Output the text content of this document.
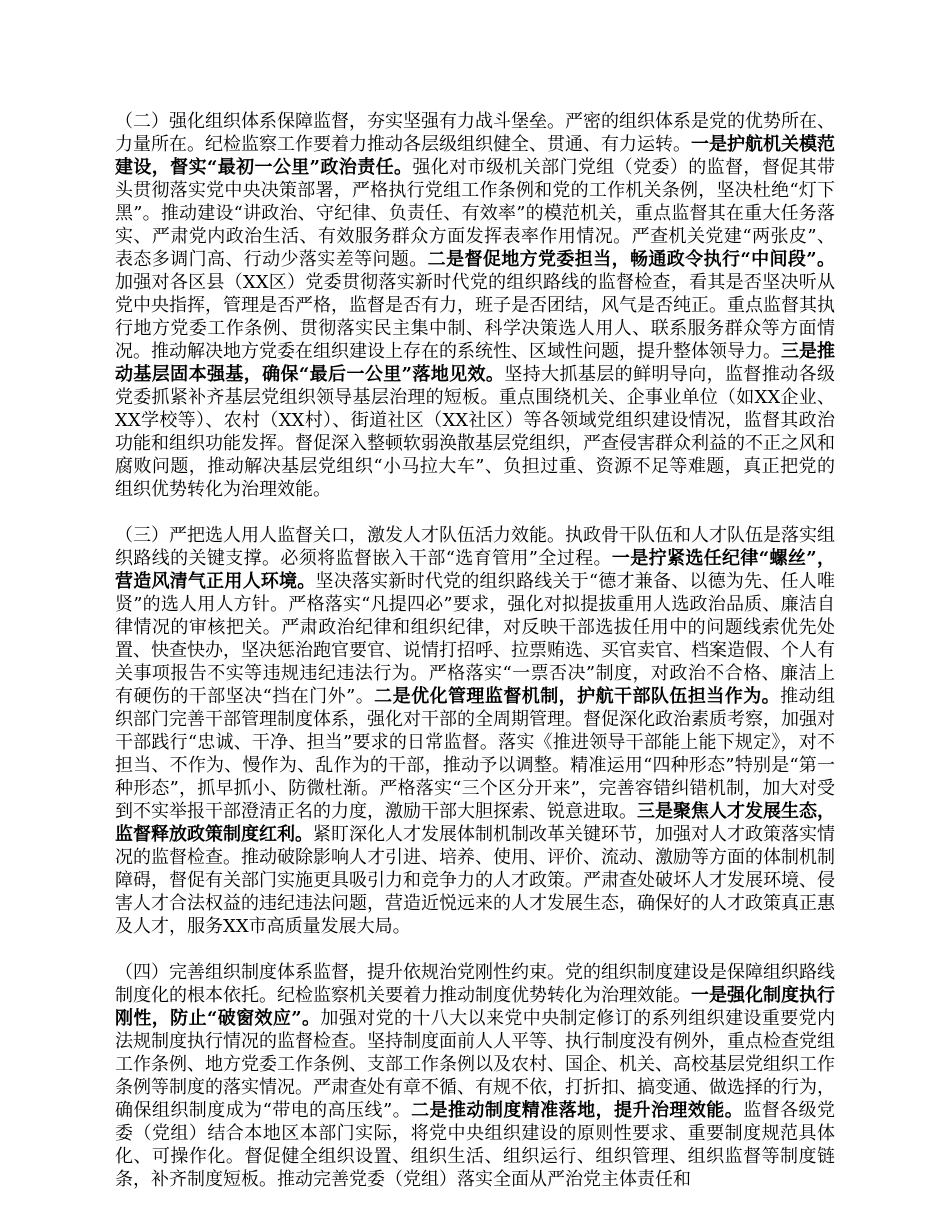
（二）强化组织体系保障监督，夯实坚强有力战斗堡垒。严密的组织体系是党的优势所在、力量所在。纪检监察工作要着力推动各层级组织健全、贯通、有力运转。一是护航机关模范建设，督实“最初一公里”政治责任。强化对市级机关部门党组（党委）的监督，督促其带头贯彻落实党中央决策部署，严格执行党组工作条例和党的工作机关条例，坚决杜绝“灯下黑”。推动建设“讲政治、守纪律、负责任、有效率”的模范机关，重点监督其在重大任务落实、严肃党内政治生活、有效服务群众方面发挥表率作用情况。严查机关党建“两张皮”、表态多调门高、行动少落实差等问题。二是督促地方党委担当，畅通政令执行“中间段”。加强对各区县（XX区）党委贯彻落实新时代党的组织路线的监督检查，看其是否坚决听从党中央指挥，管理是否严格，监督是否有力，班子是否团结，风气是否纯正。重点监督其执行地方党委工作条例、贯彻落实民主集中制、科学决策选人用人、联系服务群众等方面情况。推动解决地方党委在组织建设上存在的系统性、区域性问题，提升整体领导力。三是推动基层固本强基，确保“最后一公里”落地见效。坚持大抓基层的鲜明导向，监督推动各级党委抓紧补齐基层党组织领导基层治理的短板。重点围绕机关、企事业单位（如XX企业、XX学校等）、农村（XX村）、街道社区（XX社区）等各领域党组织建设情况，监督其政治功能和组织功能发挥。督促深入整顿软弱涣散基层党组织，严查侵害群众利益的不正之风和腐败问题，推动解决基层党组织“小马拉大车”、负担过重、资源不足等难题，真正把党的组织优势转化为治理效能。

（三）严把选人用人监督关口，激发人才队伍活力效能。执政骨干队伍和人才队伍是落实组织路线的关键支撑。必须将监督嵌入干部“选育管用”全过程。一是拧紧选任纪律“螺丝”，营造风清气正用人环境。坚决落实新时代党的组织路线关于“德才兼备、以德为先、任人唯贤”的选人用人方针。严格落实“凡提四必”要求，强化对拟提拔重用人选政治品质、廉洁自律情况的审核把关。严肃政治纪律和组织纪律，对反映干部选拔任用中的问题线索优先处置、快查快办，坚决惩治跑官要官、说情打招呼、拉票贿选、买官卖官、档案造假、个人有关事项报告不实等违规违纪违法行为。严格落实“一票否决”制度，对政治不合格、廉洁上有硬伤的干部坚决“挡在门外”。二是优化管理监督机制，护航干部队伍担当作为。推动组织部门完善干部管理制度体系，强化对干部的全周期管理。督促深化政治素质考察，加强对干部践行“忠诚、干净、担当”要求的日常监督。落实《推进领导干部能上能下规定》，对不担当、不作为、慢作为、乱作为的干部，推动予以调整。精准运用“四种形态”特别是“第一种形态”，抓早抓小、防微杜渐。严格落实“三个区分开来”，完善容错纠错机制，加大对受到不实举报干部澄清正名的力度，激励干部大胆探索、锐意进取。三是聚焦人才发展生态，监督释放政策制度红利。紧盯深化人才发展体制机制改革关键环节，加强对人才政策落实情况的监督检查。推动破除影响人才引进、培养、使用、评价、流动、激励等方面的体制机制障碍，督促有关部门实施更具吸引力和竞争力的人才政策。严肃查处破坏人才发展环境、侵害人才合法权益的违纪违法问题，营造近悦远来的人才发展生态，确保好的人才政策真正惠及人才，服务XX市高质量发展大局。

（四）完善组织制度体系监督，提升依规治党刚性约束。党的组织制度建设是保障组织路线制度化的根本依托。纪检监察机关要着力推动制度优势转化为治理效能。一是强化制度执行刚性，防止“破窗效应”。加强对党的十八大以来党中央制定修订的系列组织建设重要党内法规制度执行情况的监督检查。坚持制度面前人人平等、执行制度没有例外，重点检查党组工作条例、地方党委工作条例、支部工作条例以及农村、国企、机关、高校基层党组织工作条例等制度的落实情况。严肃查处有章不循、有规不依，打折扣、搞变通、做选择的行为，确保组织制度成为“带电的高压线”。二是推动制度精准落地，提升治理效能。监督各级党委（党组）结合本地区本部门实际，将党中央组织建设的原则性要求、重要制度规范具体化、可操作化。督促健全组织设置、组织生活、组织运行、组织管理、组织监督等制度链条，补齐制度短板。推动完善党委（党组）落实全面从严治党主体责任和
